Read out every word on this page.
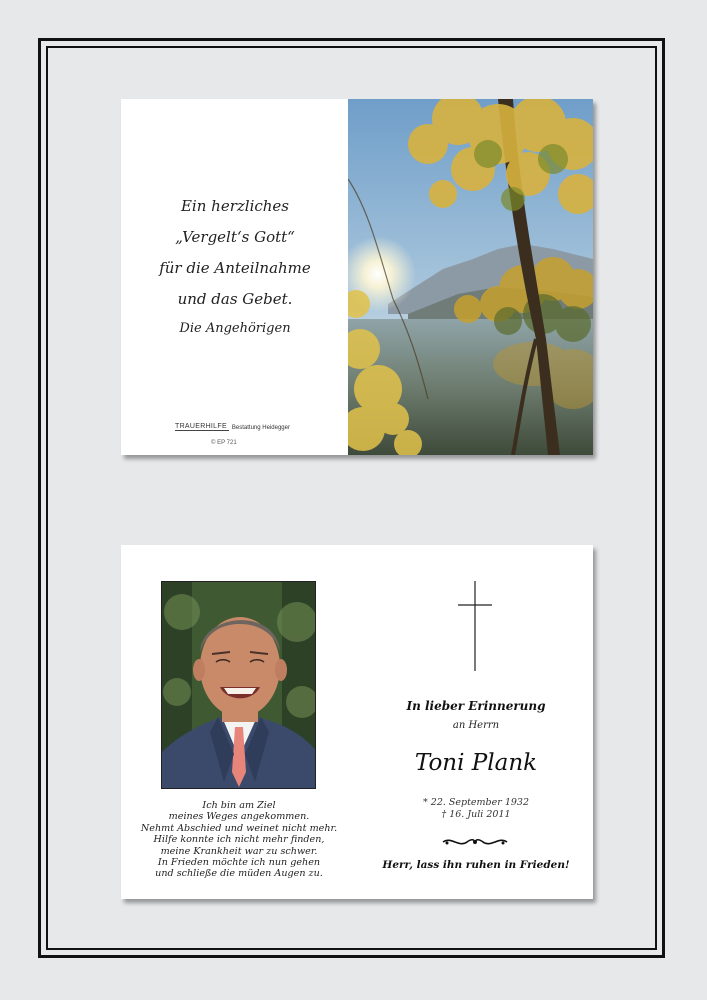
Ein herzliches
„Vergelt‘s Gott“
für die Anteilnahme
und das Gebet.
Die Angehörigen
TRAUERHILFE Bestattung Heidegger
© EP 721
Ich bin am Ziel
meines Weges angekommen.
Nehmt Abschied und weinet nicht mehr.
Hilfe konnte ich nicht mehr finden,
meine Krankheit war zu schwer.
In Frieden möchte ich nun gehen
und schließe die müden Augen zu.
In lieber Erinnerung
an Herrn
Toni Plank
* 22. September 1932
† 16. Juli 2011
Herr, lass ihn ruhen in Frieden!
